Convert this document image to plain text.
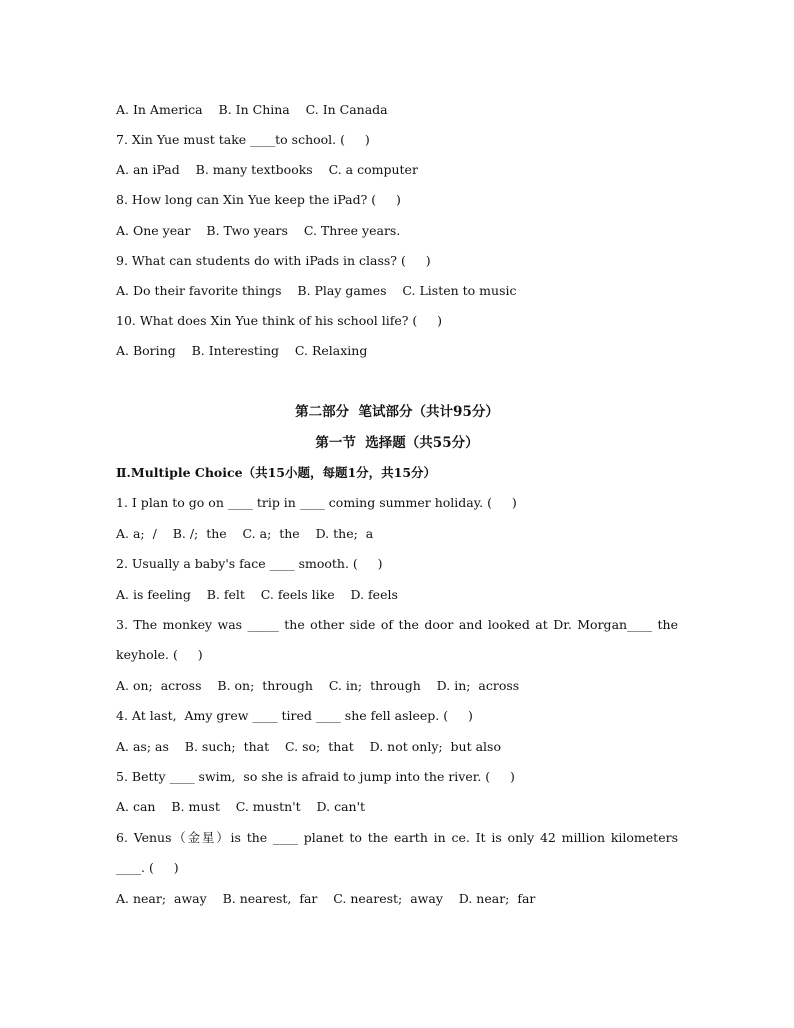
A. In America    B. In China    C. In Canada
7. Xin Yue must take ____to school. (     )
A. an iPad    B. many textbooks    C. a computer
8. How long can Xin Yue keep the iPad? (     )
A. One year    B. Two years    C. Three years.
9. What can students do with iPads in class? (     )
A. Do their favorite things    B. Play games    C. Listen to music
10. What does Xin Yue think of his school life? (     )
A. Boring    B. Interesting    C. Relaxing
第二部分  笔试部分（共计95分）
第一节  选择题（共55分）
Ⅱ.Multiple Choice（共15小题，每题1分，共15分）
1. I plan to go on ____ trip in ____ coming summer holiday. (     )
A. a;  /    B. /;  the    C. a;  the    D. the;  a
2. Usually a baby's face ____ smooth. (     )
A. is feeling    B. felt    C. feels like    D. feels
3. The monkey was _____ the other side of the door and looked at Dr. Morgan____ the
keyhole. (     )
A. on;  across    B. on;  through    C. in;  through    D. in;  across
4. At last,  Amy grew ____ tired ____ she fell asleep. (     )
A. as; as    B. such;  that    C. so;  that    D. not only;  but also
5. Betty ____ swim,  so she is afraid to jump into the river. (     )
A. can    B. must    C. mustn't    D. can't
6. Venus（金星）is the ____ planet to the earth in ce. It is only 42 million kilometers
____. (     )
A. near;  away    B. nearest,  far    C. nearest;  away    D. near;  far
